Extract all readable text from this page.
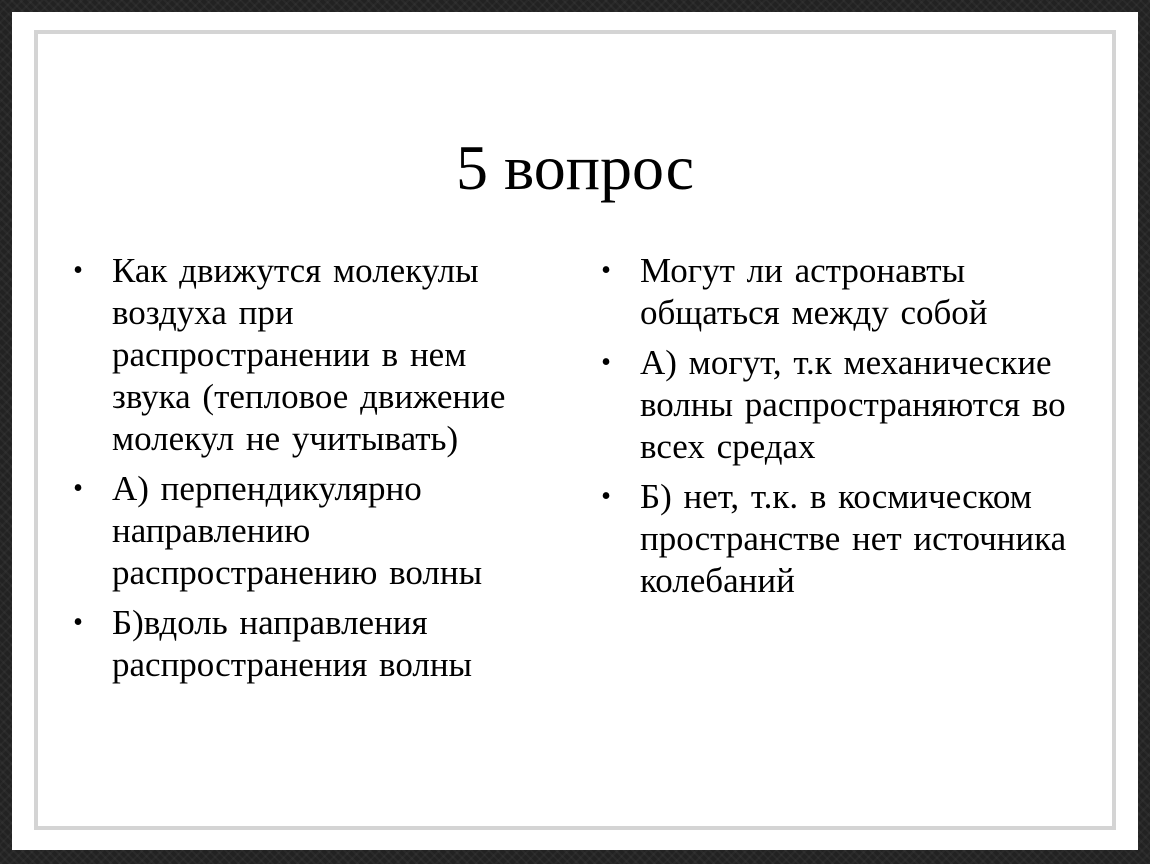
5 вопрос
• Как движутся молекулы воздуха при распространении в нем звука (тепловое движение молекул не учитывать)
• А) перпендикулярно направлению распространению волны
• Б)вдоль направления распространения волны
• Могут ли астронавты общаться между собой
• А) могут, т.к механические волны распространяются во всех средах
• Б) нет, т.к. в космическом пространстве нет источника колебаний
